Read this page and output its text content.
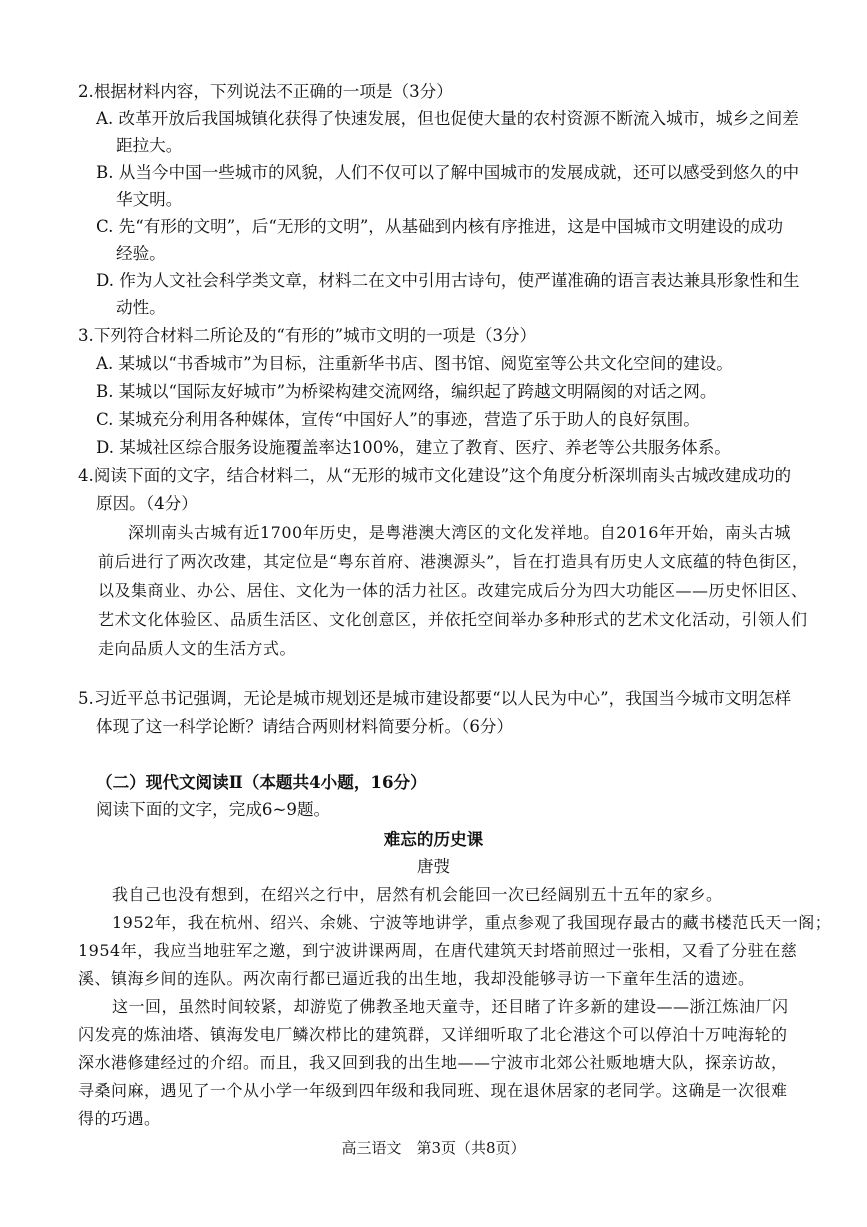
2.根据材料内容，下列说法不正确的一项是（3分）
A. 改革开放后我国城镇化获得了快速发展，但也促使大量的农村资源不断流入城市，城乡之间差
距拉大。
B. 从当今中国一些城市的风貌，人们不仅可以了解中国城市的发展成就，还可以感受到悠久的中
华文明。
C. 先“有形的文明”，后“无形的文明”，从基础到内核有序推进，这是中国城市文明建设的成功
经验。
D. 作为人文社会科学类文章，材料二在文中引用古诗句，使严谨准确的语言表达兼具形象性和生
动性。
3.下列符合材料二所论及的“有形的”城市文明的一项是（3分）
A. 某城以“书香城市”为目标，注重新华书店、图书馆、阅览室等公共文化空间的建设。
B. 某城以“国际友好城市”为桥梁构建交流网络，编织起了跨越文明隔阂的对话之网。
C. 某城充分利用各种媒体，宣传“中国好人”的事迹，营造了乐于助人的良好氛围。
D. 某城社区综合服务设施覆盖率达100%，建立了教育、医疗、养老等公共服务体系。
4.阅读下面的文字，结合材料二，从“无形的城市文化建设”这个角度分析深圳南头古城改建成功的
原因。（4分）
深圳南头古城有近1700年历史，是粤港澳大湾区的文化发祥地。自2016年开始，南头古城
前后进行了两次改建，其定位是“粤东首府、港澳源头”，旨在打造具有历史人文底蕴的特色街区，
以及集商业、办公、居住、文化为一体的活力社区。改建完成后分为四大功能区——历史怀旧区、
艺术文化体验区、品质生活区、文化创意区，并依托空间举办多种形式的艺术文化活动，引领人们
走向品质人文的生活方式。
5.习近平总书记强调，无论是城市规划还是城市建设都要“以人民为中心”，我国当今城市文明怎样
体现了这一科学论断？请结合两则材料简要分析。（6分）
（二）现代文阅读Ⅱ（本题共4小题，16分）
阅读下面的文字，完成6~9题。
难忘的历史课
唐弢
我自己也没有想到，在绍兴之行中，居然有机会能回一次已经阔别五十五年的家乡。
1952年，我在杭州、绍兴、余姚、宁波等地讲学，重点参观了我国现存最古的藏书楼范氏天一阁；
1954年，我应当地驻军之邀，到宁波讲课两周，在唐代建筑天封塔前照过一张相，又看了分驻在慈
溪、镇海乡间的连队。两次南行都已逼近我的出生地，我却没能够寻访一下童年生活的遗迹。
这一回，虽然时间较紧，却游览了佛教圣地天童寺，还目睹了许多新的建设——浙江炼油厂闪
闪发亮的炼油塔、镇海发电厂鳞次栉比的建筑群，又详细听取了北仑港这个可以停泊十万吨海轮的
深水港修建经过的介绍。而且，我又回到我的出生地——宁波市北郊公社贩地塘大队，探亲访故，
寻桑问麻，遇见了一个从小学一年级到四年级和我同班、现在退休居家的老同学。这确是一次很难
得的巧遇。
高三语文　第3页（共8页）
